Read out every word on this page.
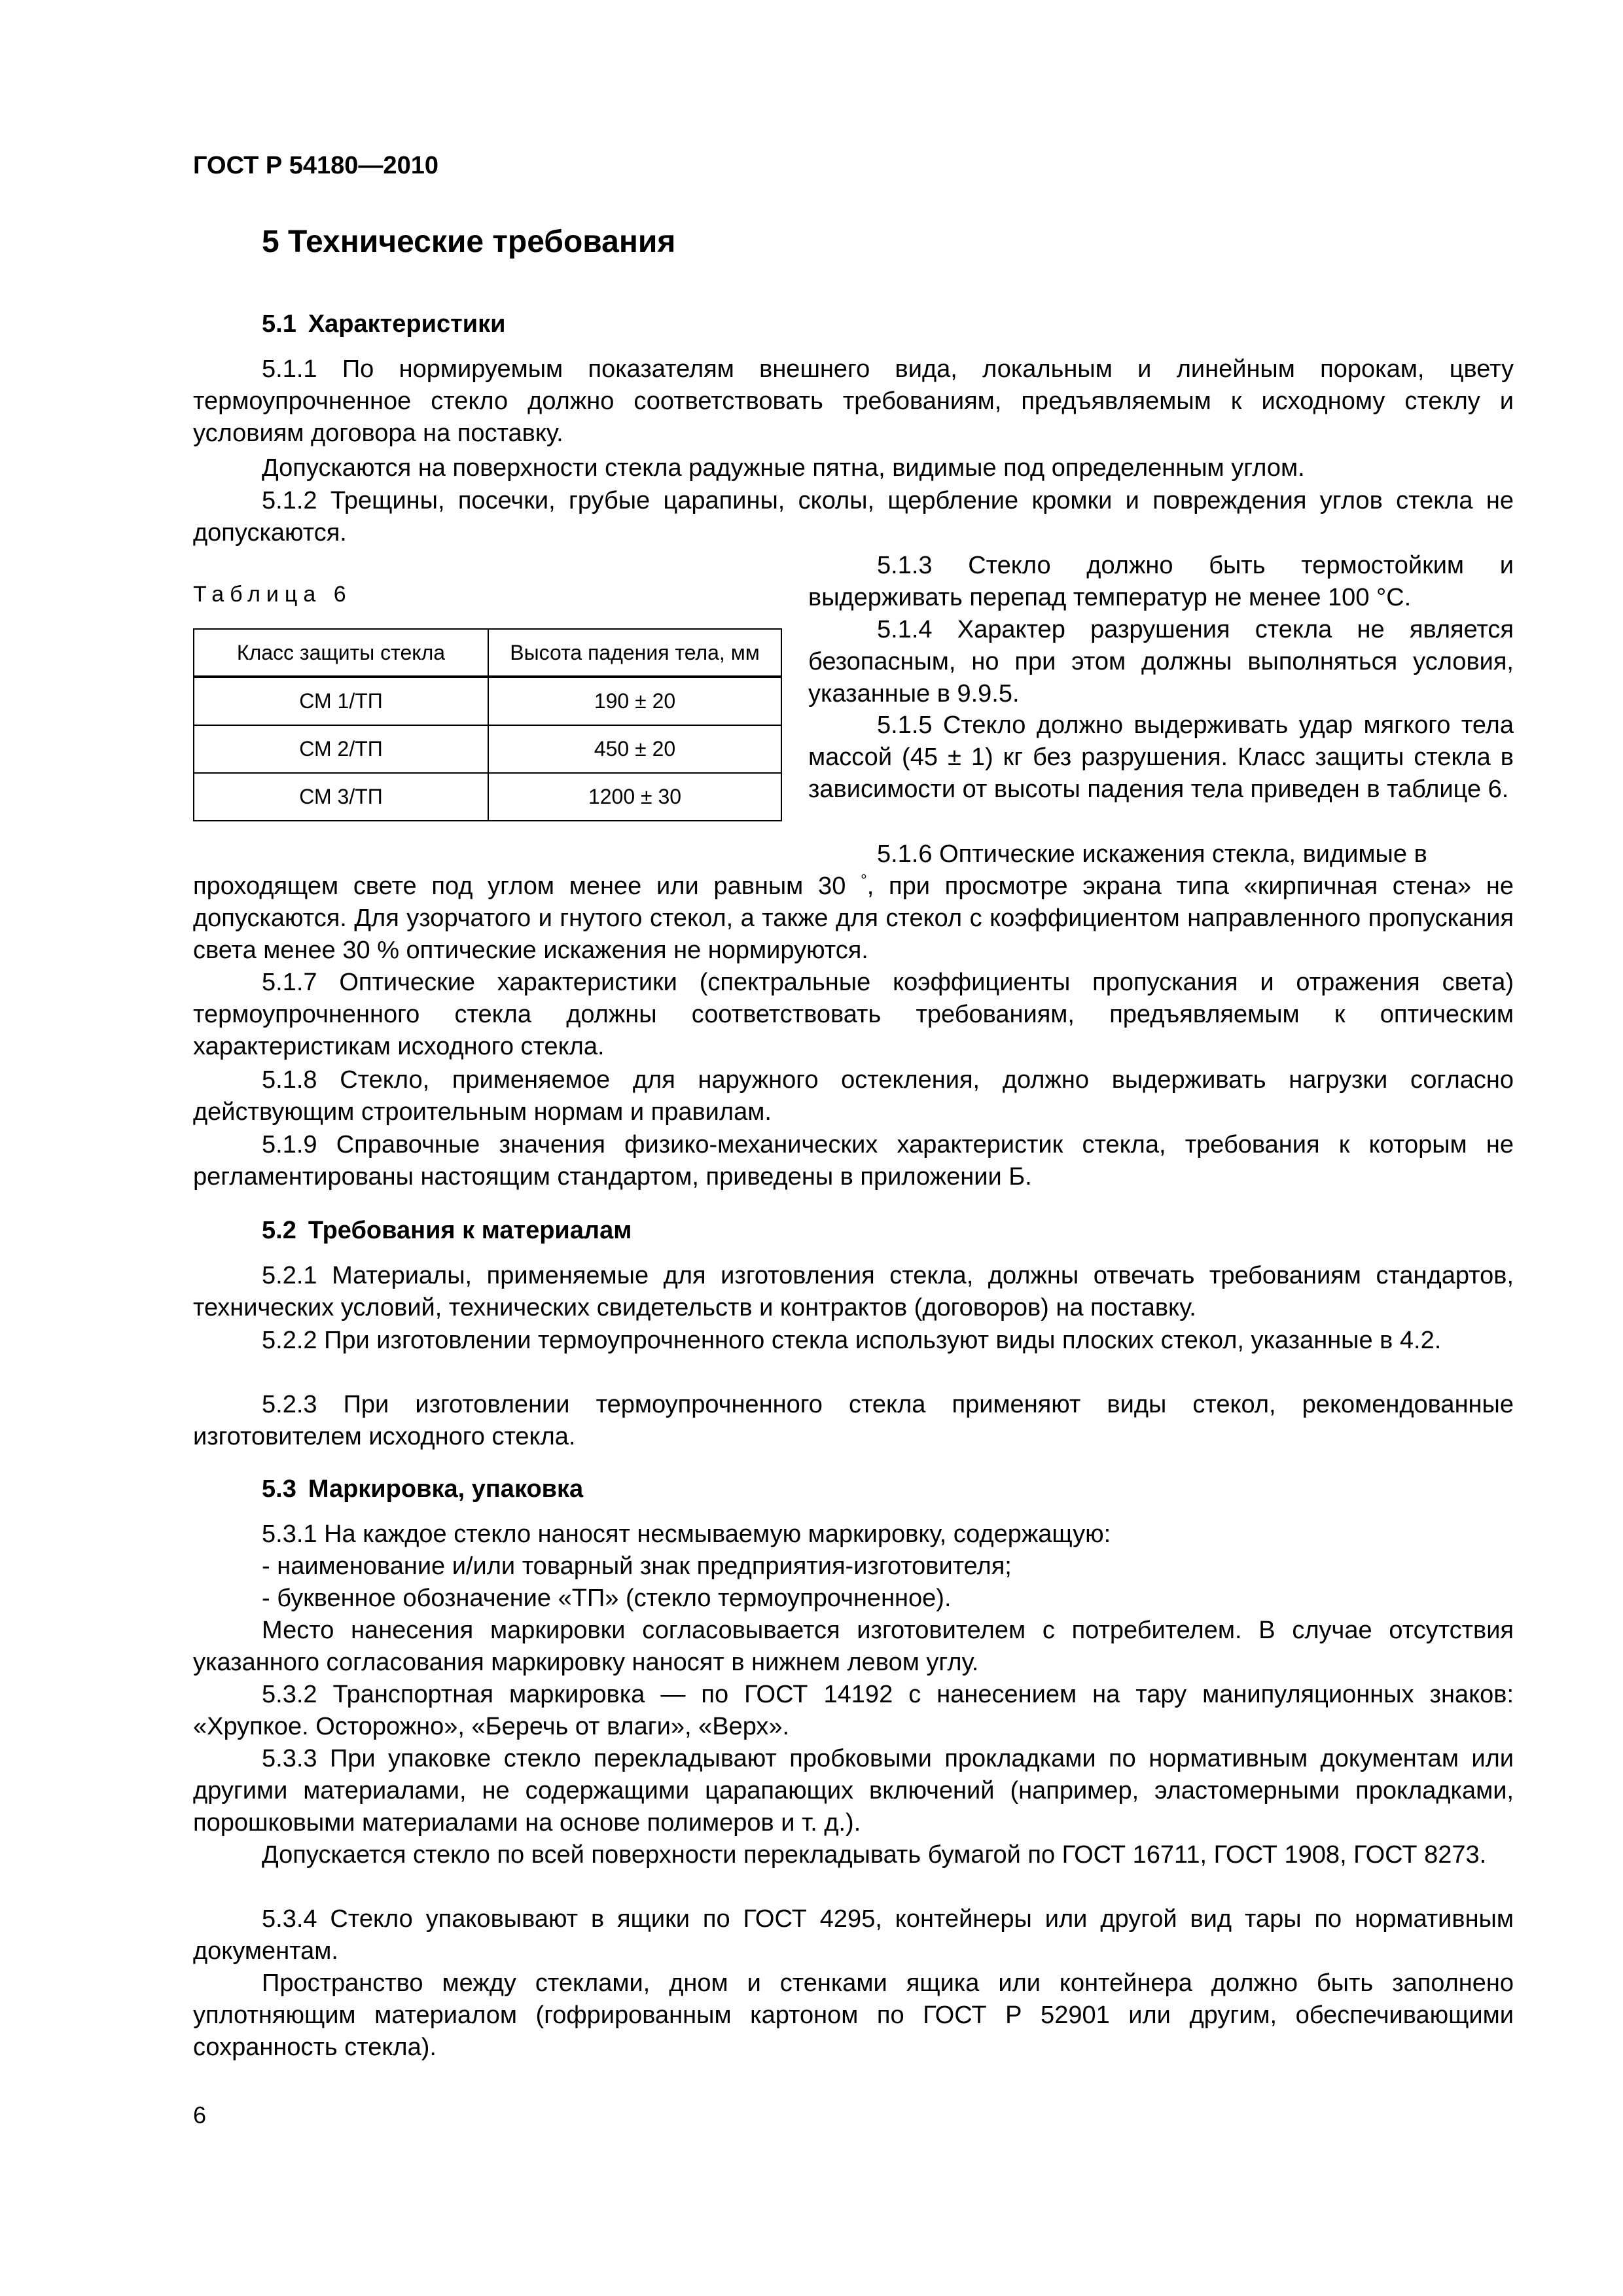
ГОСТ Р 54180—2010

5 Технические требования
5.1 Характеристики

5.1.1 По нормируемым показателям внешнего вида, локальным и линейным порокам, цвету термоупрочненное стекло должно соответствовать требованиям, предъявляемым к исходному стеклу и условиям договора на поставку.

Допускаются на поверхности стекла радужные пятна, видимые под определенным углом.

5.1.2 Трещины, посечки, грубые царапины, сколы, щербление кромки и повреждения углов стекла не допускаются.

Таблица 6

Класс защиты стекла	Высота падения тела, мм
СМ 1/ТП	190 ± 20
СМ 2/ТП	450 ± 20
СМ 3/ТП	1200 ± 30

5.1.3 Стекло должно быть термостойким и выдерживать перепад температур не менее 100 °С.

5.1.4 Характер разрушения стекла не является безопасным, но при этом должны выполняться условия, указанные в 9.9.5.

5.1.5 Стекло должно выдерживать удар мягкого тела массой (45 ± 1) кг без разрушения. Класс защиты стекла в зависимости от высоты падения тела приведен в таблице 6.

5.1.6 Оптические искажения стекла, видимые в

проходящем свете под углом менее или равным 30 °, при просмотре экрана типа «кирпичная стена» не допускаются. Для узорчатого и гнутого стекол, а также для стекол с коэффициентом направленного пропускания света менее 30 % оптические искажения не нормируются.

5.1.7 Оптические характеристики (спектральные коэффициенты пропускания и отражения света) термоупрочненного стекла должны соответствовать требованиям, предъявляемым к оптическим характеристикам исходного стекла.

5.1.8 Стекло, применяемое для наружного остекления, должно выдерживать нагрузки согласно действующим строительным нормам и правилам.

5.1.9 Справочные значения физико-механических характеристик стекла, требования к которым не регламентированы настоящим стандартом, приведены в приложении Б.

5.2 Требования к материалам

5.2.1 Материалы, применяемые для изготовления стекла, должны отвечать требованиям стандартов, технических условий, технических свидетельств и контрактов (договоров) на поставку.

5.2.2 При изготовлении термоупрочненного стекла используют виды плоских стекол, указанные в 4.2.

5.2.3 При изготовлении термоупрочненного стекла применяют виды стекол, рекомендованные изготовителем исходного стекла.

5.3 Маркировка, упаковка

5.3.1 На каждое стекло наносят несмываемую маркировку, содержащую:

- наименование и/или товарный знак предприятия-изготовителя;

- буквенное обозначение «ТП» (стекло термоупрочненное).

Место нанесения маркировки согласовывается изготовителем с потребителем. В случае отсутствия указанного согласования маркировку наносят в нижнем левом углу.

5.3.2 Транспортная маркировка — по ГОСТ 14192 с нанесением на тару манипуляционных знаков: «Хрупкое. Осторожно», «Беречь от влаги», «Верх».

5.3.3 При упаковке стекло перекладывают пробковыми прокладками по нормативным документам или другими материалами, не содержащими царапающих включений (например, эластомерными прокладками, порошковыми материалами на основе полимеров и т. д.).

Допускается стекло по всей поверхности перекладывать бумагой по ГОСТ 16711, ГОСТ 1908, ГОСТ 8273.

5.3.4 Стекло упаковывают в ящики по ГОСТ 4295, контейнеры или другой вид тары по нормативным документам.

Пространство между стеклами, дном и стенками ящика или контейнера должно быть заполнено уплотняющим материалом (гофрированным картоном по ГОСТ Р 52901 или другим, обеспечивающими сохранность стекла).

6
